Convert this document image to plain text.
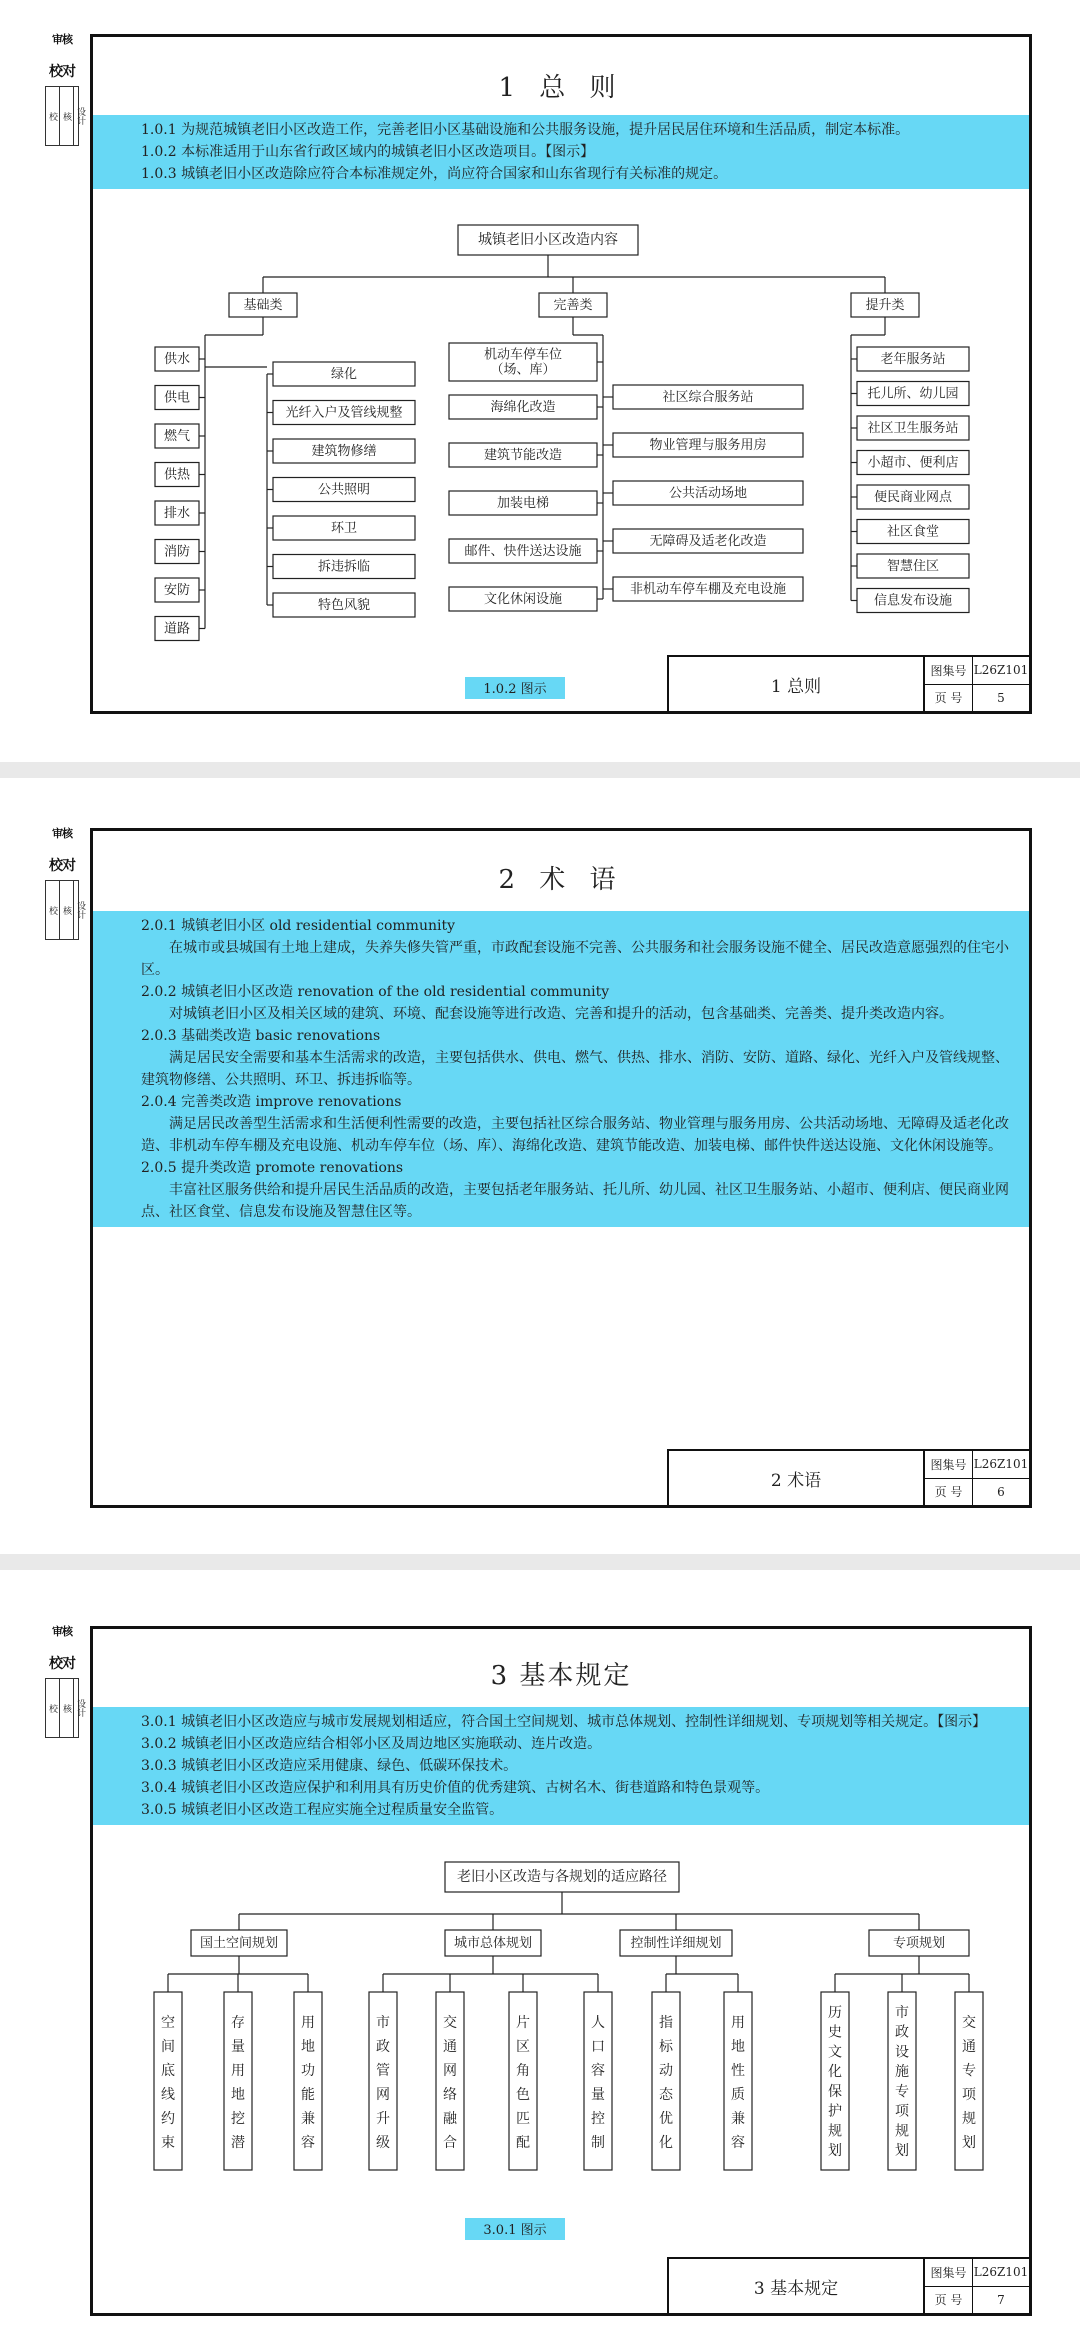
审核
校对
校 核 设计
1 总 则

1.0.1 为规范城镇老旧小区改造工作，完善老旧小区基础设施和公共服务设施，提升居民居住环境和生活品质，制定本标准。

1.0.2 本标准适用于山东省行政区域内的城镇老旧小区改造项目。【图示】

1.0.3 城镇老旧小区改造除应符合本标准规定外，尚应符合国家和山东省现行有关标准的规定。

城镇老旧小区改造内容
基础类	完善类	提升类
供水
供电
燃气
供热
排水
消防
安防
道路
绿化
光纤入户及管线规整
建筑物修缮
公共照明
环卫
拆违拆临
特色风貌
机动车停车位（场、库）
海绵化改造
建筑节能改造
加装电梯
邮件、快件送达设施
文化休闲设施
社区综合服务站
物业管理与服务用房
公共活动场地
无障碍及适老化改造
非机动车停车棚及充电设施
老年服务站
托儿所、幼儿园
社区卫生服务站
小超市、便利店
便民商业网点
社区食堂
智慧住区
信息发布设施
1.0.2 图示	1 总则
图集号 L26Z101
页 号	5
审核
校对
校 核 设计
2 术 语

2.0.1 城镇老旧小区 old residential community

在城市或县城国有土地上建成，失养失修失管严重，市政配套设施不完善、公共服务和社会服务设施不健全、居民改造意愿强烈的住宅小区。

2.0.2 城镇老旧小区改造 renovation of the old residential community

对城镇老旧小区及相关区域的建筑、环境、配套设施等进行改造、完善和提升的活动，包含基础类、完善类、提升类改造内容。

2.0.3 基础类改造 basic renovations

满足居民安全需要和基本生活需求的改造，主要包括供水、供电、燃气、供热、排水、消防、安防、道路、绿化、光纤入户及管线规整、建筑物修缮、公共照明、环卫、拆违拆临等。

2.0.4 完善类改造 improve renovations

满足居民改善型生活需求和生活便利性需要的改造，主要包括社区综合服务站、物业管理与服务用房、公共活动场地、无障碍及适老化改造、非机动车停车棚及充电设施、机动车停车位（场、库）、海绵化改造、建筑节能改造、加装电梯、邮件快件送达设施、文化休闲设施等。

2.0.5 提升类改造 promote renovations

丰富社区服务供给和提升居民生活品质的改造，主要包括老年服务站、托儿所、幼儿园、社区卫生服务站、小超市、便利店、便民商业网点、社区食堂、信息发布设施及智慧住区等。

2 术语
图集号 L26Z101
页 号	6
审核
校对
校 核 设计
3 基本规定

3.0.1 城镇老旧小区改造应与城市发展规划相适应，符合国土空间规划、城市总体规划、控制性详细规划、专项规划等相关规定。【图示】

3.0.2 城镇老旧小区改造应结合相邻小区及周边地区实施联动、连片改造。

3.0.3 城镇老旧小区改造应采用健康、绿色、低碳环保技术。

3.0.4 城镇老旧小区改造应保护和利用具有历史价值的优秀建筑、古树名木、街巷道路和特色景观等。

3.0.5 城镇老旧小区改造工程应实施全过程质量安全监管。

老旧小区改造与各规划的适应路径
国土空间规划
空间底线约束
存量用地挖潜
用地功能兼容
城市总体规划
市政管网升级
交通网络融合
片区角色匹配
人口容量控制
控制性详细规划
指标动态优化
用地性质兼容
专项规划
历史文化保护规划
市政设施专项规划
交通专项规划
3.0.1 图示
3 基本规定
图集号 L26Z101
页 号	7
